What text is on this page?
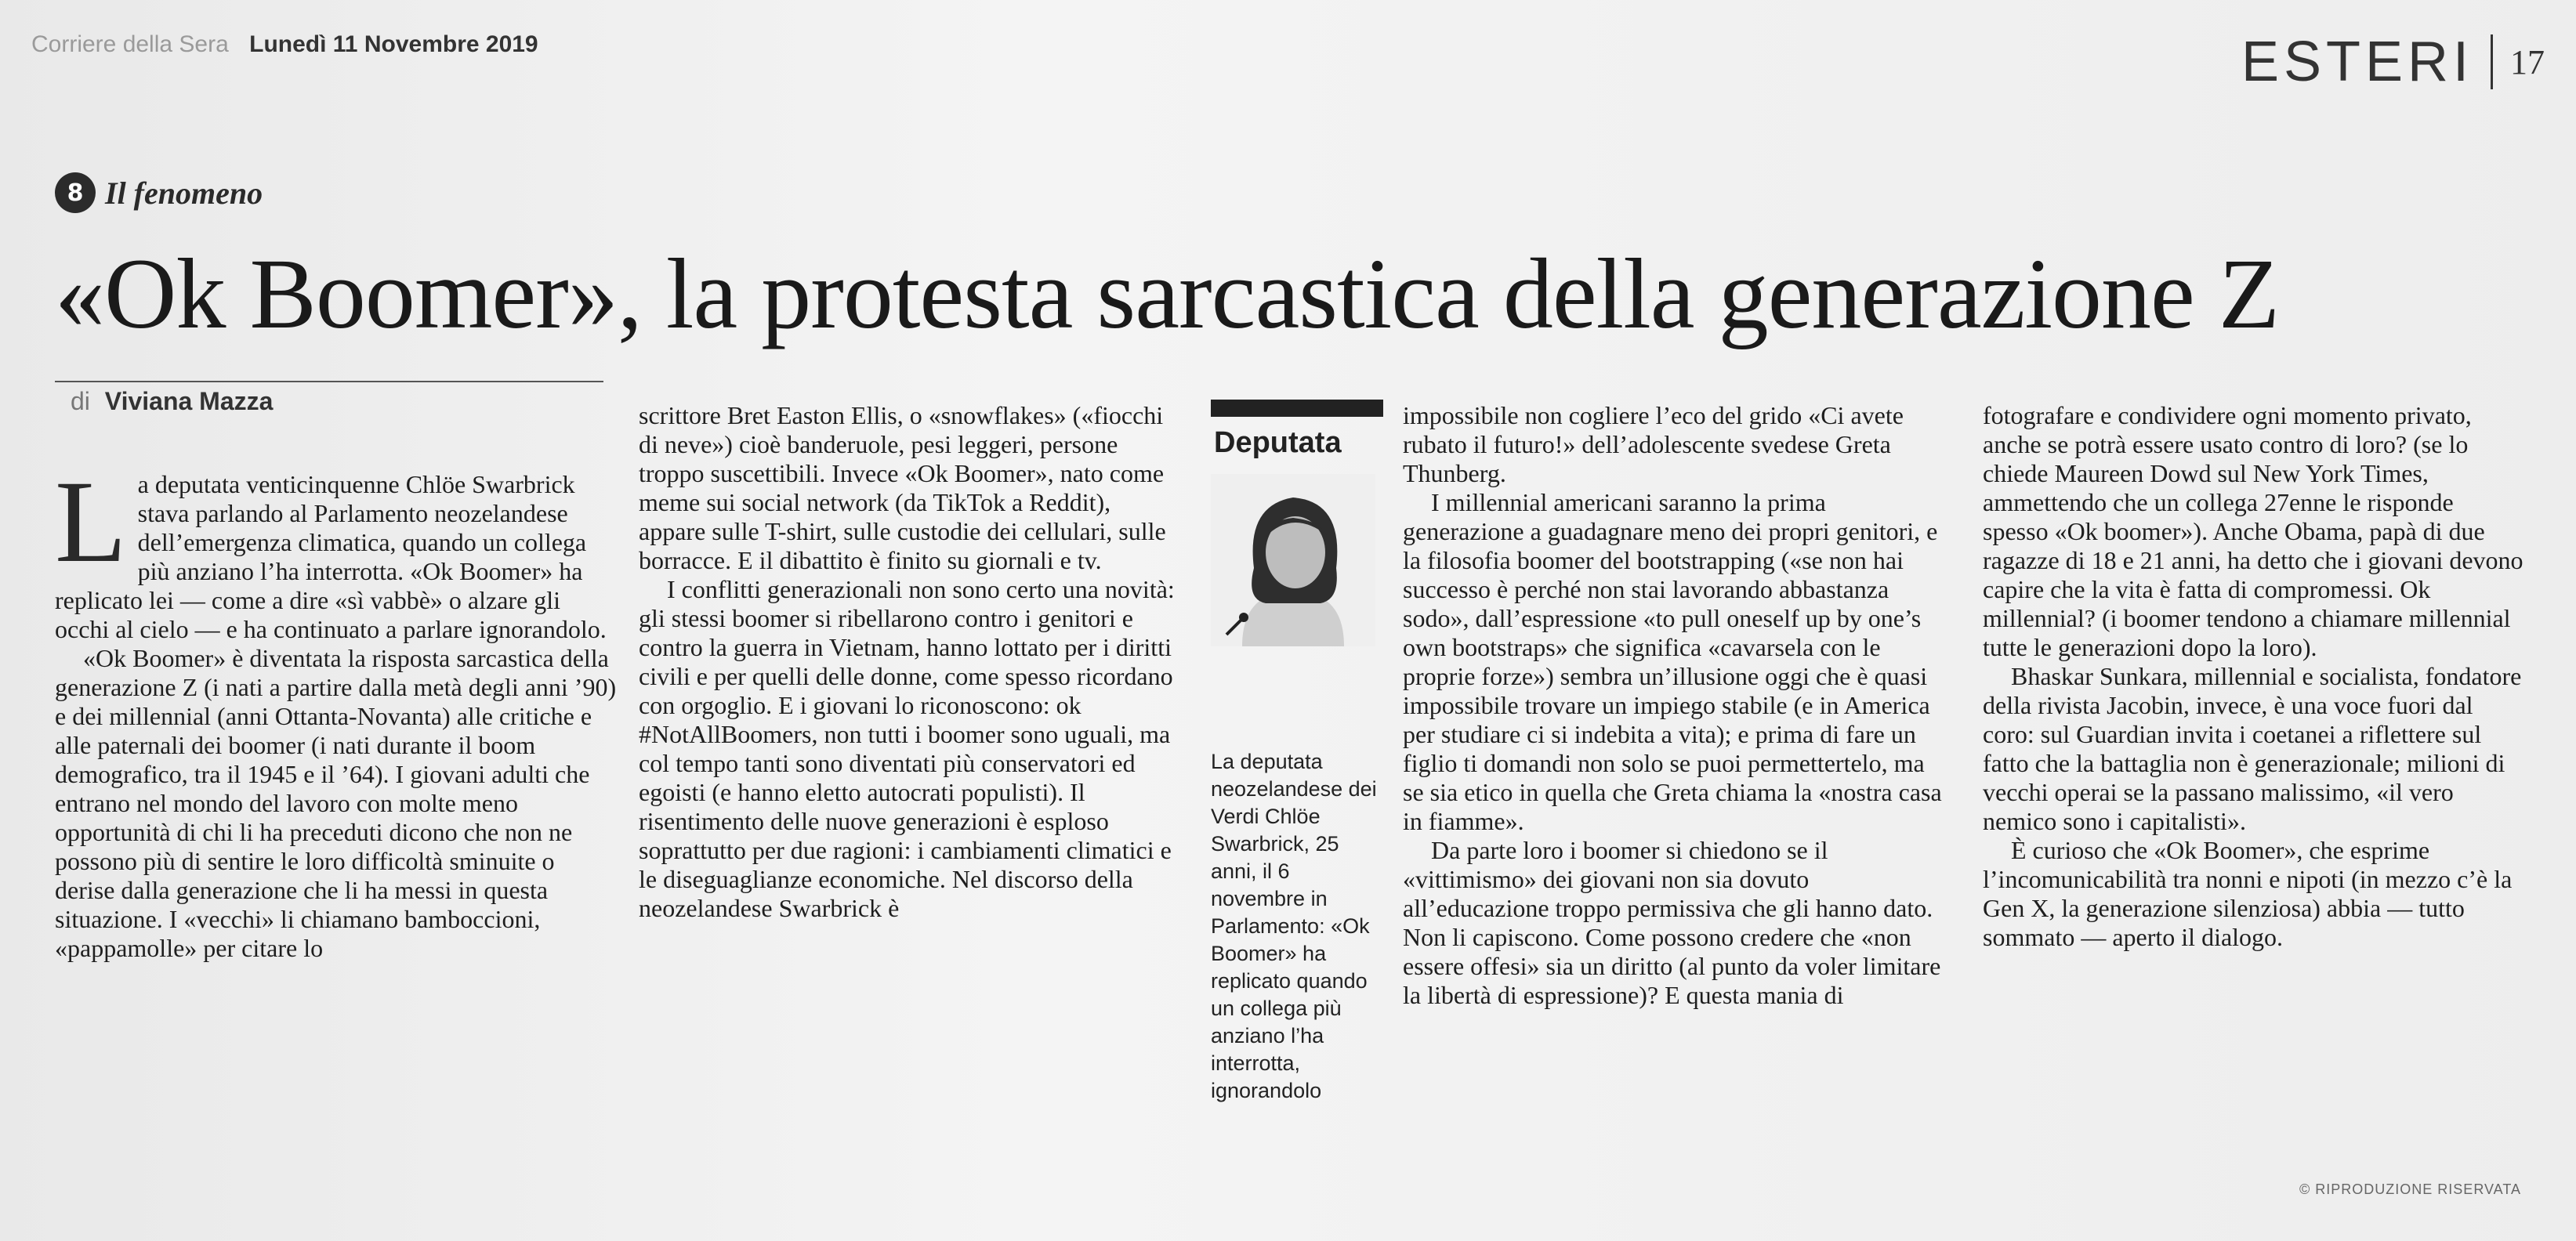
Corriere della Sera Lunedì 11 Novembre 2019	ESTERI 17
8 Il fenomeno
«Ok Boomer», la protesta sarcastica della generazione Z
di Viviana Mazza

La deputata venticinquenne Chlöe Swarbrick stava parlando al Parlamento neozelandese dell’emergenza climatica, quando un collega più anziano l’ha interrotta. «Ok Boomer» ha replicato lei — come a dire «sì vabbè» o alzare gli occhi al cielo — e ha continuato a parlare ignorandolo.

«Ok Boomer» è diventata la risposta sarcastica della generazione Z (i nati a partire dalla metà degli anni ’90) e dei millennial (anni Ottanta-Novanta) alle critiche e alle paternali dei boomer (i nati durante il boom demografico, tra il 1945 e il ’64). I giovani adulti che entrano nel mondo del lavoro con molte meno opportunità di chi li ha preceduti dicono che non ne possono più di sentire le loro difficoltà sminuite o derise dalla generazione che li ha messi in questa situazione. I «vecchi» li chiamano bamboccioni, «pappamolle» per citare lo

scrittore Bret Easton Ellis, o «snowflakes» («fiocchi di neve») cioè banderuole, pesi leggeri, persone troppo suscettibili. Invece «Ok Boomer», nato come meme sui social network (da TikTok a Reddit), appare sulle T-shirt, sulle custodie dei cellulari, sulle borracce. E il dibattito è finito su giornali e tv.

I conflitti generazionali non sono certo una novità: gli stessi boomer si ribellarono contro i genitori e contro la guerra in Vietnam, hanno lottato per i diritti civili e per quelli delle donne, come spesso ricordano con orgoglio. E i giovani lo riconoscono: ok #NotAllBoomers, non tutti i boomer sono uguali, ma col tempo tanti sono diventati più conservatori ed egoisti (e hanno eletto autocrati populisti). Il risentimento delle nuove generazioni è esploso soprattutto per due ragioni: i cambiamenti climatici e le diseguaglianze economiche. Nel discorso della neozelandese Swarbrick è

Deputata
La deputata neozelandese dei Verdi Chlöe Swarbrick, 25 anni, il 6 novembre in Parlamento: «Ok Boomer» ha replicato quando un collega più anziano l’ha interrotta, ignorandolo

impossibile non cogliere l’eco del grido «Ci avete rubato il futuro!» dell’adolescente svedese Greta Thunberg.

I millennial americani saranno la prima generazione a guadagnare meno dei propri genitori, e la filosofia boomer del bootstrapping («se non hai successo è perché non stai lavorando abbastanza sodo», dall’espressione «to pull oneself up by one’s own bootstraps» che significa «cavarsela con le proprie forze») sembra un’illusione oggi che è quasi impossibile trovare un impiego stabile (e in America per studiare ci si indebita a vita); e prima di fare un figlio ti domandi non solo se puoi permettertelo, ma se sia etico in quella che Greta chiama la «nostra casa in fiamme».

Da parte loro i boomer si chiedono se il «vittimismo» dei giovani non sia dovuto all’educazione troppo permissiva che gli hanno dato. Non li capiscono. Come possono credere che «non essere offesi» sia un diritto (al punto da voler limitare la libertà di espressione)? E questa mania di

fotografare e condividere ogni momento privato, anche se potrà essere usato contro di loro? (se lo chiede Maureen Dowd sul New York Times, ammettendo che un collega 27enne le risponde spesso «Ok boomer»). Anche Obama, papà di due ragazze di 18 e 21 anni, ha detto che i giovani devono capire che la vita è fatta di compromessi. Ok millennial? (i boomer tendono a chiamare millennial tutte le generazioni dopo la loro).

Bhaskar Sunkara, millennial e socialista, fondatore della rivista Jacobin, invece, è una voce fuori dal coro: sul Guardian invita i coetanei a riflettere sul fatto che la battaglia non è generazionale; milioni di vecchi operai se la passano malissimo, «il vero nemico sono i capitalisti».

È curioso che «Ok Boomer», che esprime l’incomunicabilità tra nonni e nipoti (in mezzo c’è la Gen X, la generazione silenziosa) abbia — tutto sommato — aperto il dialogo.

© RIPRODUZIONE RISERVATA
